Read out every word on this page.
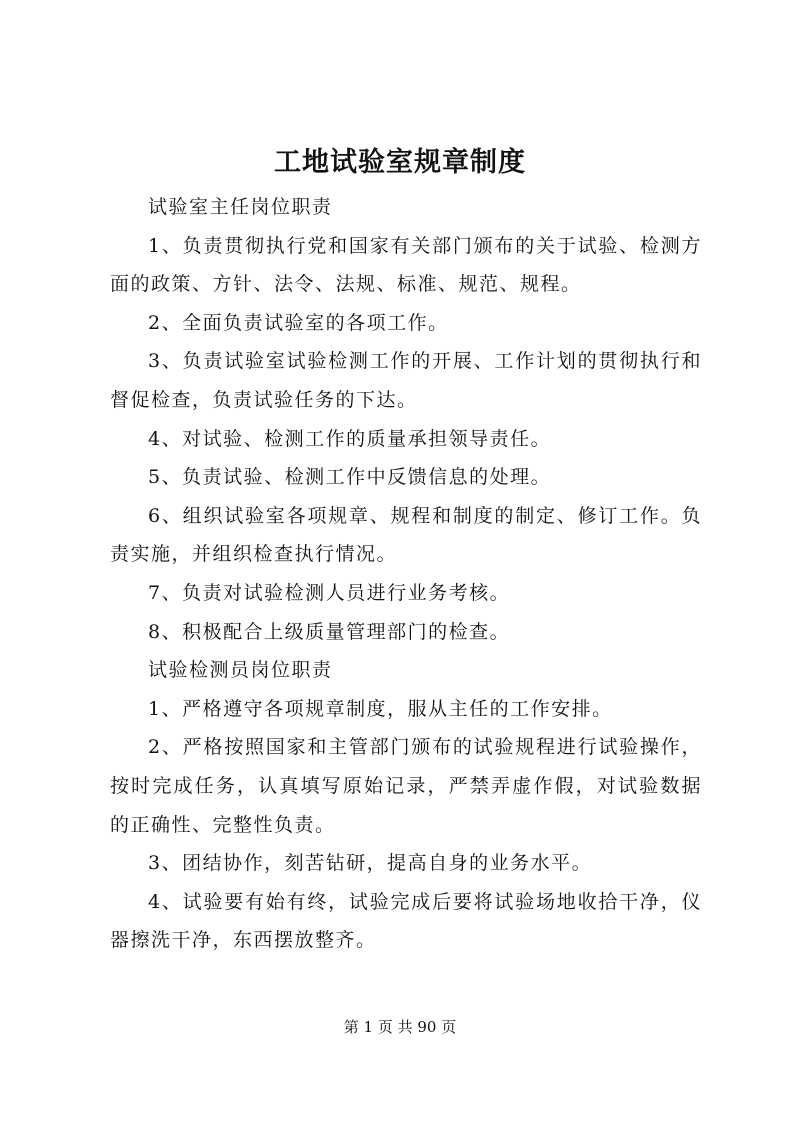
工地试验室规章制度

试验室主任岗位职责

1、负责贯彻执行党和国家有关部门颁布的关于试验、检测方面的政策、方针、法令、法规、标准、规范、规程。

2、全面负责试验室的各项工作。

3、负责试验室试验检测工作的开展、工作计划的贯彻执行和督促检查，负责试验任务的下达。

4、对试验、检测工作的质量承担领导责任。

5、负责试验、检测工作中反馈信息的处理。

6、组织试验室各项规章、规程和制度的制定、修订工作。负责实施，并组织检查执行情况。

7、负责对试验检测人员进行业务考核。

8、积极配合上级质量管理部门的检查。

试验检测员岗位职责

1、严格遵守各项规章制度，服从主任的工作安排。

2、严格按照国家和主管部门颁布的试验规程进行试验操作，按时完成任务，认真填写原始记录，严禁弄虚作假，对试验数据的正确性、完整性负责。

3、团结协作，刻苦钻研，提高自身的业务水平。

4、试验要有始有终，试验完成后要将试验场地收拾干净，仪器擦洗干净，东西摆放整齐。

第 1 页 共 90 页
